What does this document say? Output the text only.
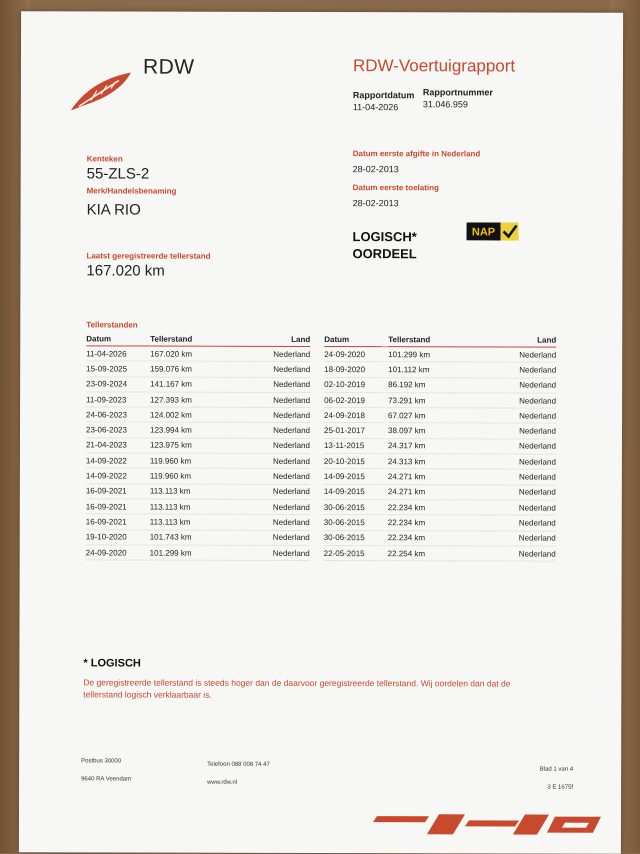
RDW	RDW-Voertuigrapport
Rapportdatum
11-04-2026
Rapportnummer
31.046.959
Kenteken
55-ZLS-2
Merk/Handelsbenaming
KIA RIO
Laatst geregistreerde tellerstand
167.020 km
Datum eerste afgifte in Nederland
28-02-2013
Datum eerste toelating
28-02-2013
LOGISCH*
OORDEEL
NAP
Tellerstanden
Datum	Tellerstand	Land
11-04-2026	167.020 km	Nederland
15-09-2025	159.076 km	Nederland
23-09-2024	141.167 km	Nederland
11-09-2023	127.393 km	Nederland
24-06-2023	124.002 km	Nederland
23-06-2023	123.994 km	Nederland
21-04-2023	123.975 km	Nederland
14-09-2022	119.960 km	Nederland
14-09-2022	119.960 km	Nederland
16-09-2021	113.113 km	Nederland
16-09-2021	113.113 km	Nederland
16-09-2021	113.113 km	Nederland
19-10-2020	101.743 km	Nederland
24-09-2020	101.299 km	Nederland
Datum	Tellerstand	Land
24-09-2020	101.299 km	Nederland
18-09-2020	101.112 km	Nederland
02-10-2019	86.192 km	Nederland
06-02-2019	73.291 km	Nederland
24-09-2018	67.027 km	Nederland
25-01-2017	38.097 km	Nederland
13-11-2015	24.317 km	Nederland
20-10-2015	24.313 km	Nederland
14-09-2015	24.271 km	Nederland
14-09-2015	24.271 km	Nederland
30-06-2015	22.234 km	Nederland
30-06-2015	22.234 km	Nederland
30-06-2015	22.234 km	Nederland
22-05-2015	22.254 km	Nederland
* LOGISCH
De geregistreerde tellerstand is steeds hoger dan de daarvoor geregistreerde tellerstand. Wij oordelen dan dat de tellerstand logisch verklaarbaar is.
Postbus 30000
9640 RA Veendam
Telefoon 088 008 74 47
www.rdw.nl
Blad 1 van 4
3 E 1675f
